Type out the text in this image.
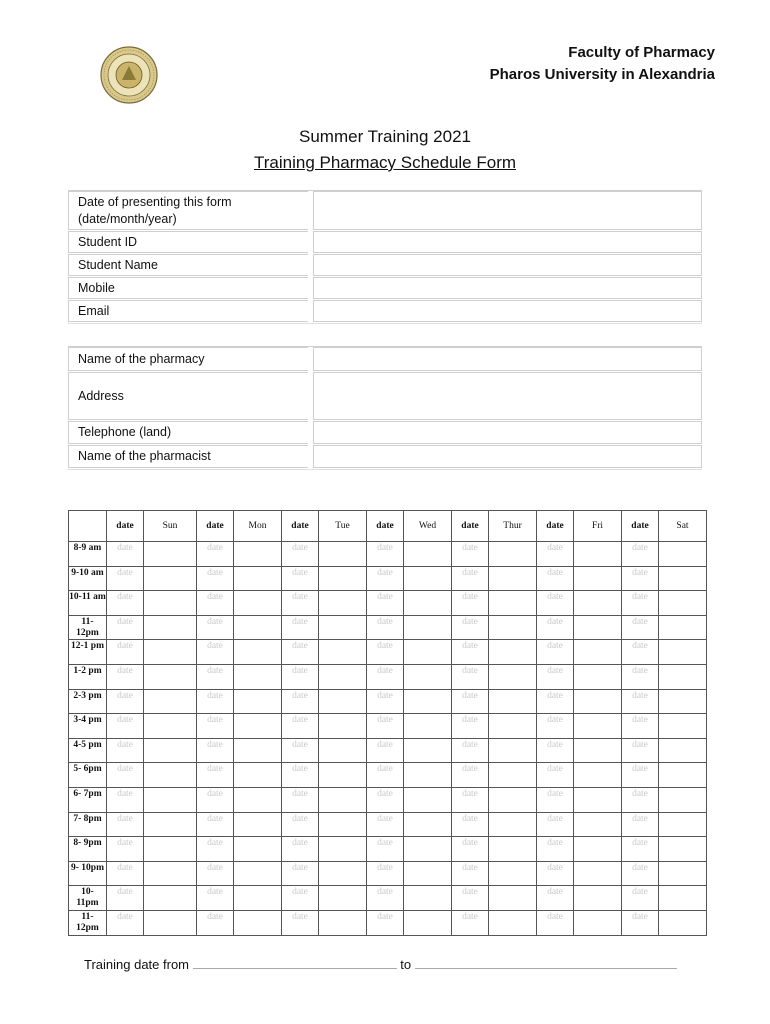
Faculty of Pharmacy
Pharos University in Alexandria
Summer Training 2021
Training Pharmacy Schedule Form
Date of presenting this form (date/month/year)
Student ID
Student Name
Mobile
Email
Name of the pharmacy
Address
Telephone (land)
Name of the pharmacist
	date	Sun	date	Mon	date	Tue	date	Wed	date	Thur	date	Fri	date	Sat
8-9 am	date		date		date		date		date		date		date	
9-10 am	date		date		date		date		date		date		date	
10-11 am	date		date		date		date		date		date		date	
11- 12pm	date		date		date		date		date		date		date	
12-1 pm	date		date		date		date		date		date		date	
1-2 pm	date		date		date		date		date		date		date	
2-3 pm	date		date		date		date		date		date		date	
3-4 pm	date		date		date		date		date		date		date	
4-5 pm	date		date		date		date		date		date		date	
5- 6pm	date		date		date		date		date		date		date	
6- 7pm	date		date		date		date		date		date		date	
7- 8pm	date		date		date		date		date		date		date	
8- 9pm	date		date		date		date		date		date		date	
9- 10pm	date		date		date		date		date		date		date	
10- 11pm	date		date		date		date		date		date		date	
11- 12pm	date		date		date		date		date		date		date	
Training date from	to
